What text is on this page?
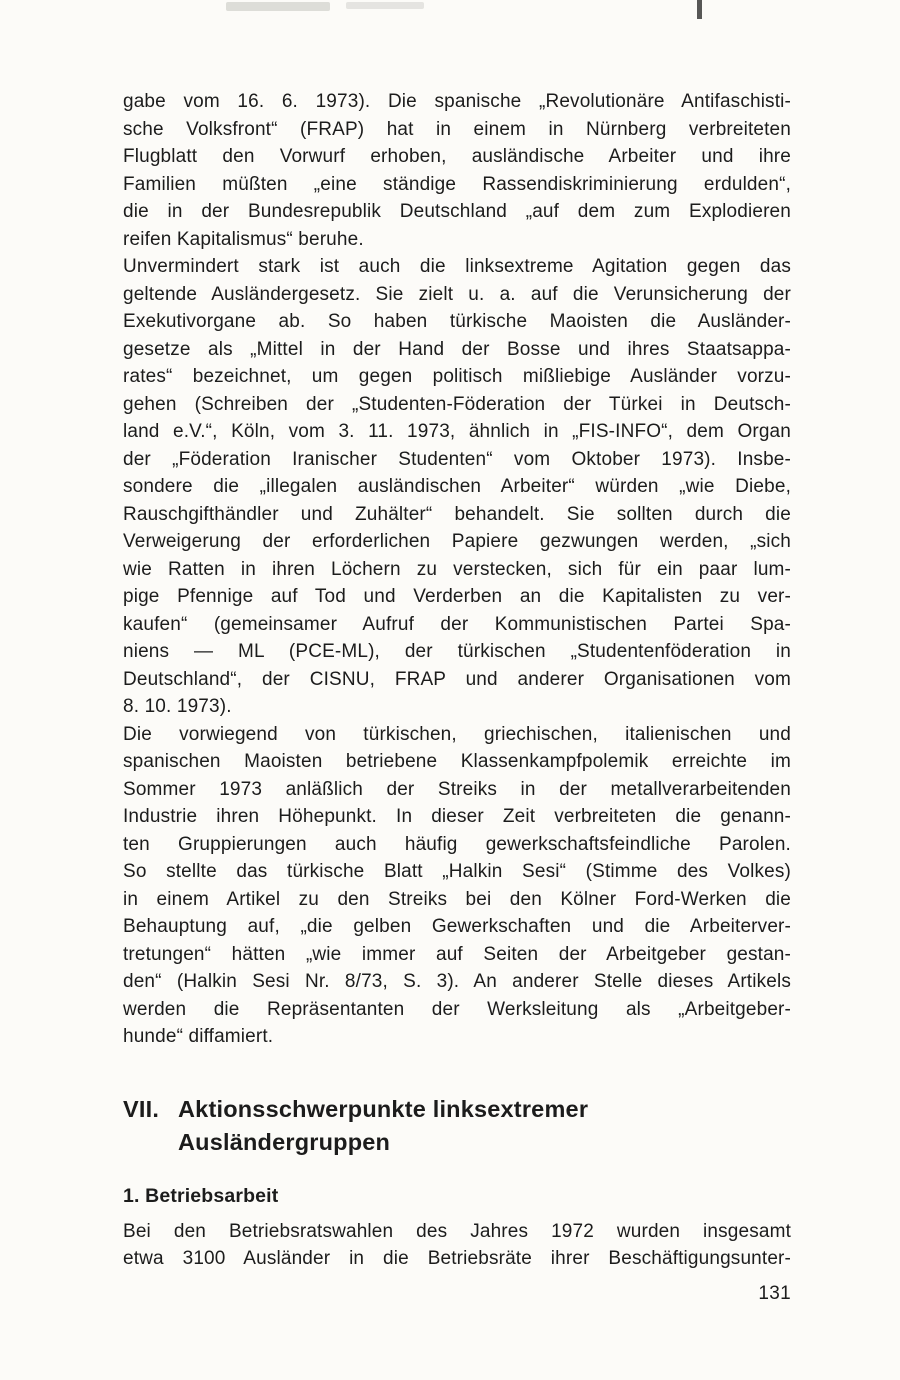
gabe vom 16. 6. 1973). Die spanische „Revolutionäre Antifaschisti-
sche Volksfront“ (FRAP) hat in einem in Nürnberg verbreiteten
Flugblatt den Vorwurf erhoben, ausländische Arbeiter und ihre
Familien müßten „eine ständige Rassendiskriminierung erdulden“,
die in der Bundesrepublik Deutschland „auf dem zum Explodieren
reifen Kapitalismus“ beruhe.
Unvermindert stark ist auch die linksextreme Agitation gegen das
geltende Ausländergesetz. Sie zielt u. a. auf die Verunsicherung der
Exekutivorgane ab. So haben türkische Maoisten die Ausländer-
gesetze als „Mittel in der Hand der Bosse und ihres Staatsappa-
rates“ bezeichnet, um gegen politisch mißliebige Ausländer vorzu-
gehen (Schreiben der „Studenten-Föderation der Türkei in Deutsch-
land e.V.“, Köln, vom 3. 11. 1973, ähnlich in „FIS-INFO“, dem Organ
der „Föderation Iranischer Studenten“ vom Oktober 1973). Insbe-
sondere die „illegalen ausländischen Arbeiter“ würden „wie Diebe,
Rauschgifthändler und Zuhälter“ behandelt. Sie sollten durch die
Verweigerung der erforderlichen Papiere gezwungen werden, „sich
wie Ratten in ihren Löchern zu verstecken, sich für ein paar lum-
pige Pfennige auf Tod und Verderben an die Kapitalisten zu ver-
kaufen“ (gemeinsamer Aufruf der Kommunistischen Partei Spa-
niens — ML (PCE-ML), der türkischen „Studentenföderation in
Deutschland“, der CISNU, FRAP und anderer Organisationen vom
8. 10. 1973).
Die vorwiegend von türkischen, griechischen, italienischen und
spanischen Maoisten betriebene Klassenkampfpolemik erreichte im
Sommer 1973 anläßlich der Streiks in der metallverarbeitenden
Industrie ihren Höhepunkt. In dieser Zeit verbreiteten die genann-
ten Gruppierungen auch häufig gewerkschaftsfeindliche Parolen.
So stellte das türkische Blatt „Halkin Sesi“ (Stimme des Volkes)
in einem Artikel zu den Streiks bei den Kölner Ford-Werken die
Behauptung auf, „die gelben Gewerkschaften und die Arbeiterver-
tretungen“ hätten „wie immer auf Seiten der Arbeitgeber gestan-
den“ (Halkin Sesi Nr. 8/73, S. 3). An anderer Stelle dieses Artikels
werden die Repräsentanten der Werksleitung als „Arbeitgeber-
hunde“ diffamiert.
VII. Aktionsschwerpunkte linksextremer
Ausländergruppen
1. Betriebsarbeit
Bei den Betriebsratswahlen des Jahres 1972 wurden insgesamt
etwa 3100 Ausländer in die Betriebsräte ihrer Beschäftigungsunter-
131
